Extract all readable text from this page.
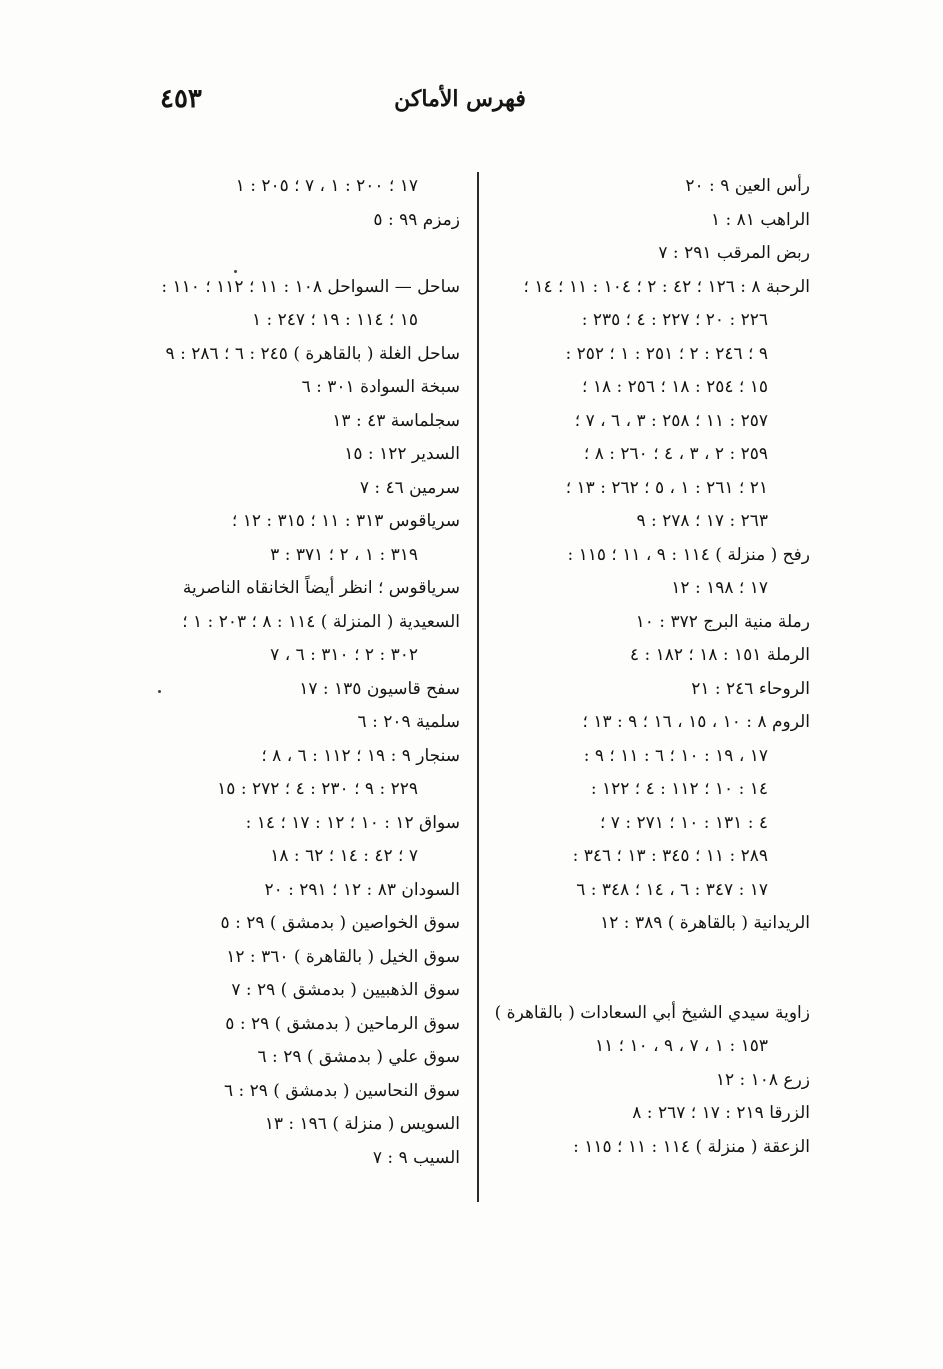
٤٥٣	فهرس الأماكن
رأس العين ٩ : ٢٠
الراهب ٨١ : ١
ربض المرقب ٢٩١ : ٧
الرحبة ٨ : ١٢٦ ؛ ٤٢ : ٢ ؛ ١٠٤ : ١١ ؛ ١٤ ؛
٢٢٦ : ٢٠ ؛ ٢٢٧ : ٤ ؛ ٢٣٥ :
٩ ؛ ٢٤٦ : ٢ ؛ ٢٥١ : ١ ؛ ٢٥٢ :
١٥ ؛ ٢٥٤ : ١٨ ؛ ٢٥٦ : ١٨ ؛
٢٥٧ : ١١ ؛ ٢٥٨ : ٣ ، ٦ ، ٧ ؛
٢٥٩ : ٢ ، ٣ ، ٤ ؛ ٢٦٠ : ٨ ؛
٢١ ؛ ٢٦١ : ١ ، ٥ ؛ ٢٦٢ : ١٣ ؛
٢٦٣ : ١٧ ؛ ٢٧٨ : ٩
رفح ( منزلة ) ١١٤ : ٩ ، ١١ ؛ ١١٥ :
١٧ ؛ ١٩٨ : ١٢
رملة منية البرج ٣٧٢ : ١٠
الرملة ١٥١ : ١٨ ؛ ١٨٢ : ٤
الروحاء ٢٤٦ : ٢١
الروم ٨ : ١٠ ، ١٥ ، ١٦ ؛ ٩ : ١٣ ؛
١٧ ، ١٩ : ١٠ ؛ ٦ : ١١ ؛ ٩ :
١٤ : ١٠ ؛ ١١٢ : ٤ ؛ ١٢٢ :
٤ : ١٣١ : ١٠ ؛ ٢٧١ : ٧ ؛
٢٨٩ : ١١ ؛ ٣٤٥ : ١٣ ؛ ٣٤٦ :
١٧ : ٣٤٧ : ٦ ، ١٤ ؛ ٣٤٨ : ٦
الريدانية ( بالقاهرة ) ٣٨٩ : ١٢
زاوية سيدي الشيخ أبي السعادات ( بالقاهرة )
١٥٣ : ١ ، ٧ ، ٩ ، ١٠ ؛ ١١
زرع ١٠٨ : ١٢
الزرقا ٢١٩ : ١٧ ؛ ٢٦٧ : ٨
الزعقة ( منزلة ) ١١٤ : ١١ ؛ ١١٥ :
١٧ ؛ ٢٠٠ : ١ ، ٧ ؛ ٢٠٥ : ١
زمزم ٩٩ : ٥
ساحل — السواحل ١٠٨ : ١١ ؛ ١١٢ ؛ ١١٠ :
١٥ ؛ ١١٤ : ١٩ ؛ ٢٤٧ : ١
ساحل الغلة ( بالقاهرة ) ٢٤٥ : ٦ ؛ ٢٨٦ : ٩
سبخة السوادة ٣٠١ : ٦
سجلماسة ٤٣ : ١٣
السدير ١٢٢ : ١٥
سرمين ٤٦ : ٧
سرياقوس ٣١٣ : ١١ ؛ ٣١٥ : ١٢ ؛
٣١٩ : ١ ، ٢ ؛ ٣٧١ : ٣
سرياقوس ؛ انظر أيضاً الخانقاه الناصرية
السعيدية ( المنزلة ) ١١٤ : ٨ ؛ ٢٠٣ : ١ ؛
٣٠٢ : ٢ ؛ ٣١٠ : ٦ ، ٧
سفح قاسيون ١٣٥ : ١٧
سلمية ٢٠٩ : ٦
سنجار ٩ : ١٩ ؛ ١١٢ : ٦ ، ٨ ؛
٢٢٩ : ٩ ؛ ٢٣٠ : ٤ ؛ ٢٧٢ : ١٥
سواق ١٢ : ١٠ ؛ ١٢ : ١٧ ؛ ١٤ :
٧ ؛ ٤٢ : ١٤ ؛ ٦٢ : ١٨
السودان ٨٣ : ١٢ ؛ ٢٩١ : ٢٠
سوق الخواصين ( بدمشق ) ٢٩ : ٥
سوق الخيل ( بالقاهرة ) ٣٦٠ : ١٢
سوق الذهبيين ( بدمشق ) ٢٩ : ٧
سوق الرماحين ( بدمشق ) ٢٩ : ٥
سوق علي ( بدمشق ) ٢٩ : ٦
سوق النحاسين ( بدمشق ) ٢٩ : ٦
السويس ( منزلة ) ١٩٦ : ١٣
السيب ٩ : ٧
